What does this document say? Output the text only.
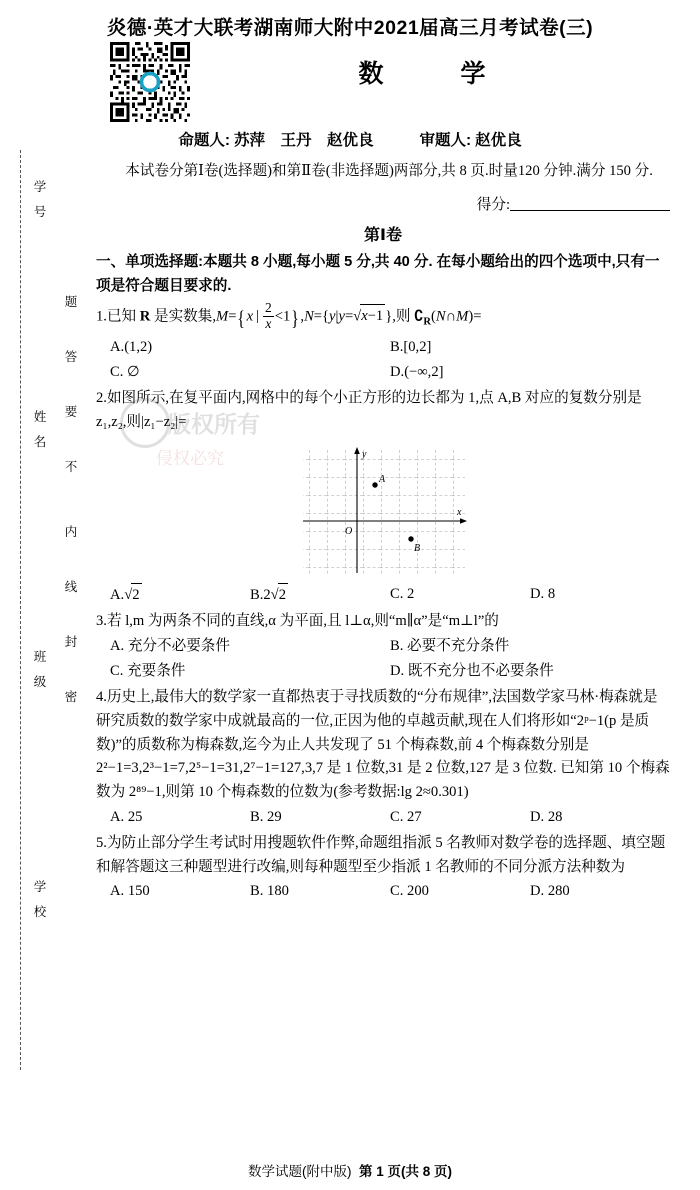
炎德·英才大联考湖南师大附中2021届高三月考试卷(三)
数　学
命题人: 苏萍　王丹　赵优良	审题人: 赵优良
学　号
姓　名
班　级
学　校
题
答
要
不
内
线
封
密
版权所有
侵权必究
本试卷分第Ⅰ卷(选择题)和第Ⅱ卷(非选择题)两部分,共 8 页.时量120 分钟.满分 150 分.
得分:
第Ⅰ卷
一、单项选择题:本题共 8 小题,每小题 5 分,共 40 分. 在每小题给出的四个选项中,只有一项是符合题目要求的.
1.已知 R 是实数集,M={x | $\frac{2}{x} <1\},N=\{y|y=√x-1$ },则 $∁_R(N\cap M)=$
A.(1,2)	B.[0,2]
C. ∅	D.(−∞,2]
2.如图所示,在复平面内,网格中的每个小正方形的边长都为 1,点 A,B 对应的复数分别是 z₁,z₂,则|z₁−z₂|=
A
B
O
y
x
A.√2	B.2√2	C. 2	D. 8
3.若 l,m 为两条不同的直线,α 为平面,且 l⊥α,则“m∥α”是“m⊥l”的
A. 充分不必要条件	B. 必要不充分条件
C. 充要条件	D. 既不充分也不必要条件
4.历史上,最伟大的数学家一直都热衷于寻找质数的“分布规律”,法国数学家马林·梅森就是研究质数的数学家中成就最高的一位,正因为他的卓越贡献,现在人们将形如“2ᵖ−1(p 是质数)”的质数称为梅森数,迄今为止人共发现了 51 个梅森数,前 4 个梅森数分别是 2²−1=3,2³−1=7,2⁵−1=31,2⁷−1=127,3,7 是 1 位数,31 是 2 位数,127 是 3 位数. 已知第 10 个梅森数为 2⁸⁹−1,则第 10 个梅森数的位数为(参考数据:lg 2≈0.301)
A. 25	B. 29	C. 27	D. 28
5.为防止部分学生考试时用搜题软件作弊,命题组指派 5 名教师对数学卷的选择题、填空题和解答题这三种题型进行改编,则每种题型至少指派 1 名教师的不同分派方法种数为
A. 150	B. 180	C. 200	D. 280
数学试题(附中版) 第 1 页(共 8 页)
